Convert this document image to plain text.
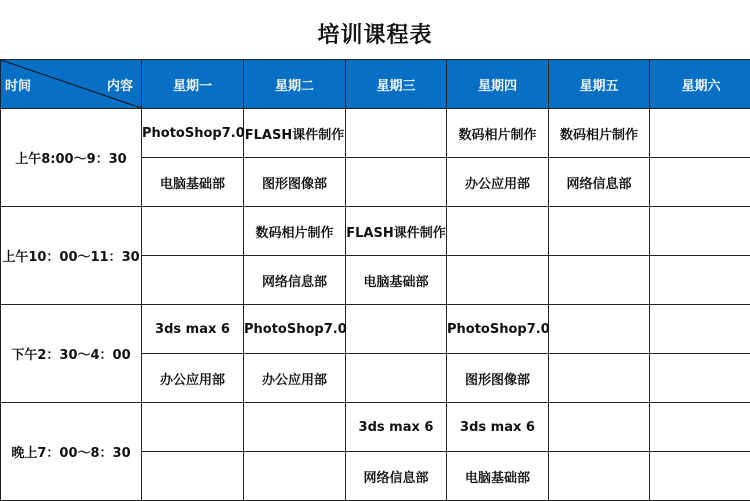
培训课程表
时间 内容	星期一	星期二	星期三	星期四	星期五	星期六
上午8:00～9：30	PhotoShop7.0	FLASH课件制作		数码相片制作	数码相片制作	
	电脑基础部	图形图像部		办公应用部	网络信息部	
上午10：00～11：30		数码相片制作	FLASH课件制作			
		网络信息部	电脑基础部			
下午2：30～4：00	3ds max 6	PhotoShop7.0		PhotoShop7.0		
	办公应用部	办公应用部		图形图像部		
晚上7：00～8：30			3ds max 6	3ds max 6		
			网络信息部	电脑基础部		
